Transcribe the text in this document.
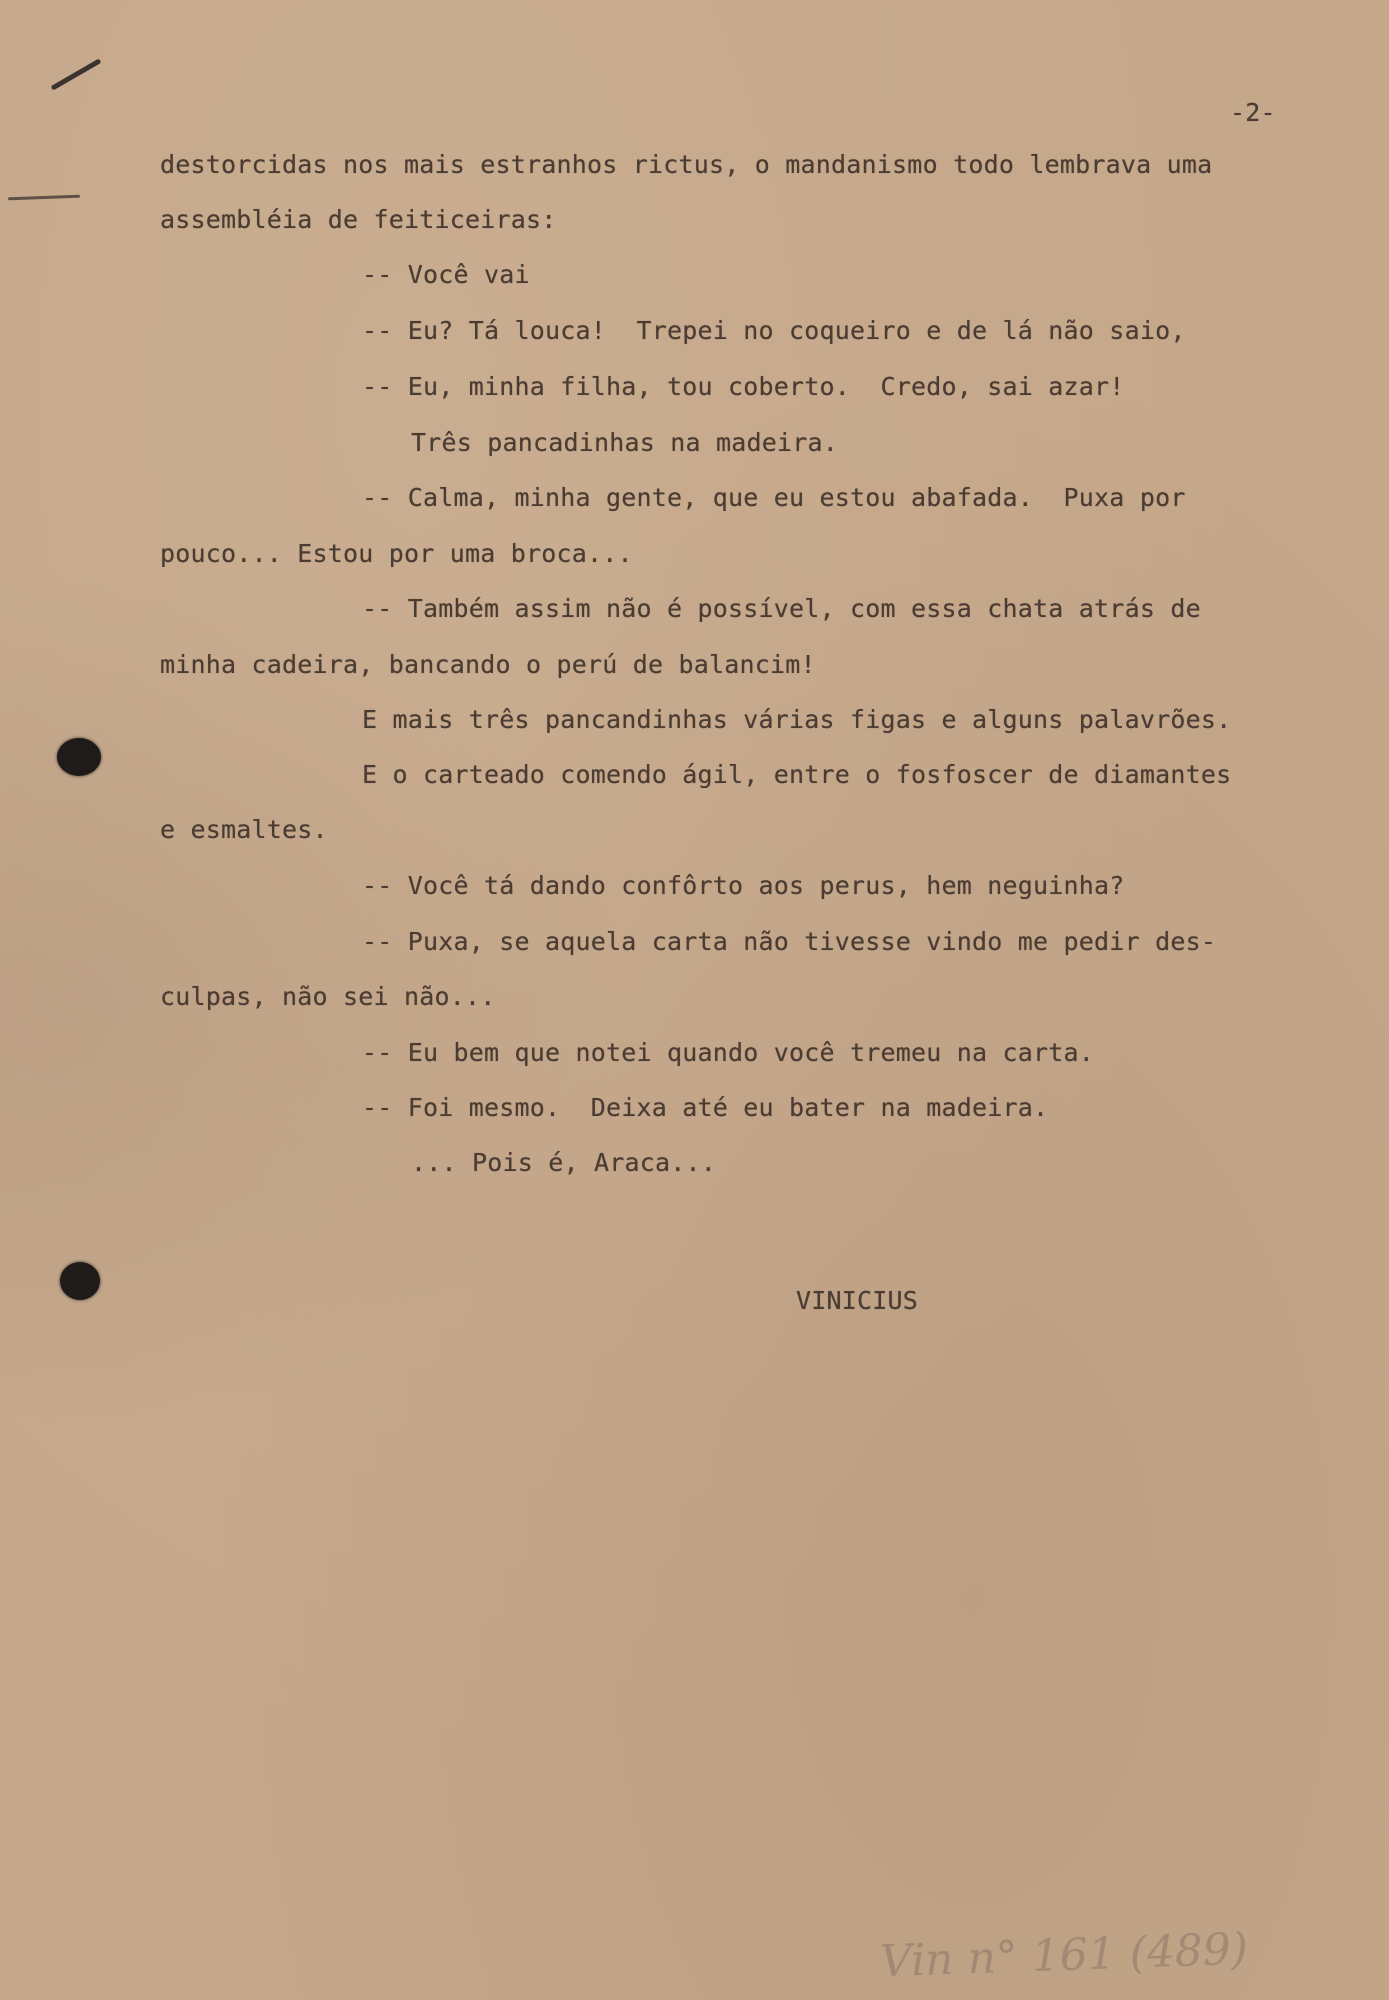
-2-
destorcidas nos mais estranhos rictus, o mandanismo todo lembrava uma
assembléia de feiticeiras:
-- Você vai
-- Eu? Tá louca!  Trepei no coqueiro e de lá não saio,
-- Eu, minha filha, tou coberto.  Credo, sai azar!
Três pancadinhas na madeira.
-- Calma, minha gente, que eu estou abafada.  Puxa por
pouco... Estou por uma broca...
-- Também assim não é possível, com essa chata atrás de
minha cadeira, bancando o perú de balancim!
E mais três pancandinhas várias figas e alguns palavrões.
E o carteado comendo ágil, entre o fosfoscer de diamantes
e esmaltes.
-- Você tá dando confôrto aos perus, hem neguinha?
-- Puxa, se aquela carta não tivesse vindo me pedir des-
culpas, não sei não...
-- Eu bem que notei quando você tremeu na carta.
-- Foi mesmo.  Deixa até eu bater na madeira.
... Pois é, Araca...
VINICIUS
Vin n° 161 (489)
